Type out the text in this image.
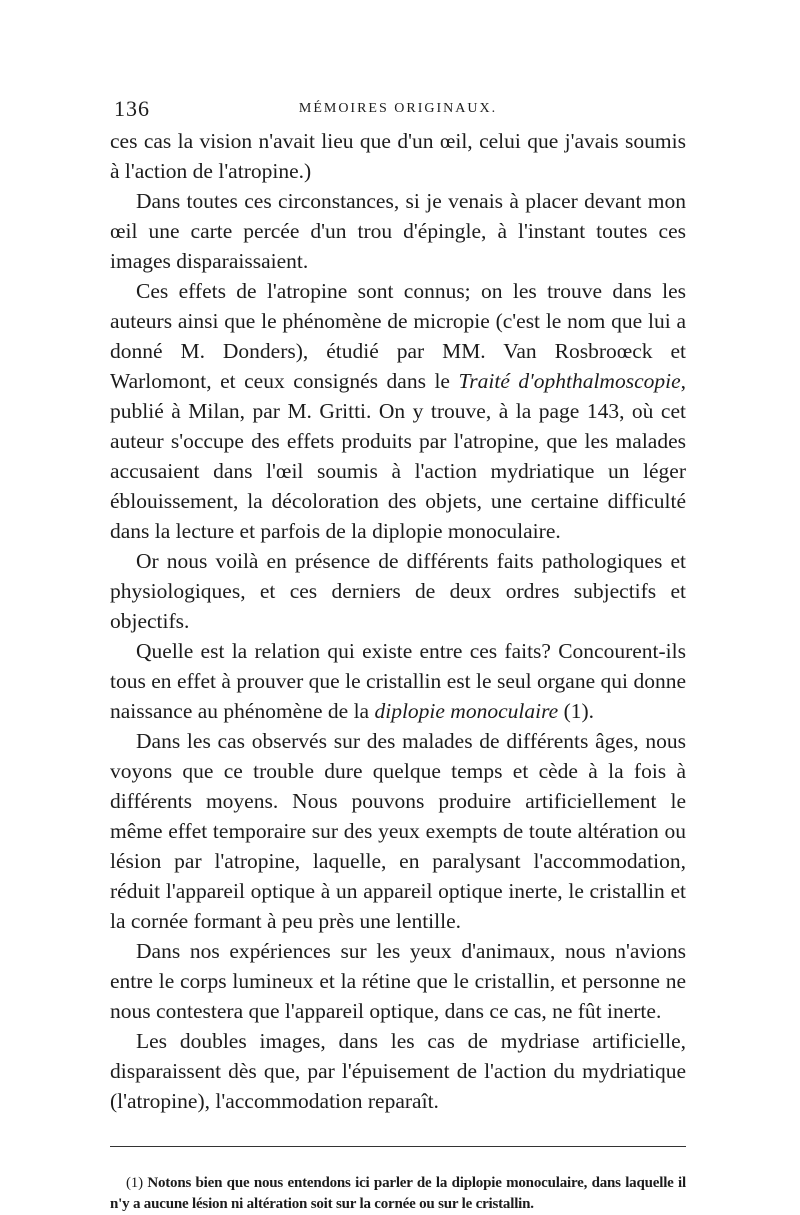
136	MÉMOIRES ORIGINAUX.

ces cas la vision n'avait lieu que d'un œil, celui que j'avais soumis à l'action de l'atropine.)

Dans toutes ces circonstances, si je venais à placer devant mon œil une carte percée d'un trou d'épingle, à l'instant toutes ces images disparaissaient.

Ces effets de l'atropine sont connus; on les trouve dans les auteurs ainsi que le phénomène de micropie (c'est le nom que lui a donné M. Donders), étudié par MM. Van Rosbroœck et Warlomont, et ceux consignés dans le Traité d'ophthalmoscopie, publié à Milan, par M. Gritti. On y trouve, à la page 143, où cet auteur s'occupe des effets produits par l'atropine, que les malades accusaient dans l'œil soumis à l'action mydriatique un léger éblouissement, la décoloration des objets, une certaine difficulté dans la lecture et parfois de la diplopie monoculaire.

Or nous voilà en présence de différents faits pathologiques et physiologiques, et ces derniers de deux ordres subjectifs et objectifs.

Quelle est la relation qui existe entre ces faits? Concourent-ils tous en effet à prouver que le cristallin est le seul organe qui donne naissance au phénomène de la diplopie monoculaire (1).

Dans les cas observés sur des malades de différents âges, nous voyons que ce trouble dure quelque temps et cède à la fois à différents moyens. Nous pouvons produire artificiellement le même effet temporaire sur des yeux exempts de toute altération ou lésion par l'atropine, laquelle, en paralysant l'accommodation, réduit l'appareil optique à un appareil optique inerte, le cristallin et la cornée formant à peu près une lentille.

Dans nos expériences sur les yeux d'animaux, nous n'avions entre le corps lumineux et la rétine que le cristallin, et personne ne nous contestera que l'appareil optique, dans ce cas, ne fût inerte.

Les doubles images, dans les cas de mydriase artificielle, disparaissent dès que, par l'épuisement de l'action du mydriatique (l'atropine), l'accommodation reparaît.

(1) Notons bien que nous entendons ici parler de la diplopie monoculaire, dans laquelle il n'y a aucune lésion ni altération soit sur la cornée ou sur le cristallin.
